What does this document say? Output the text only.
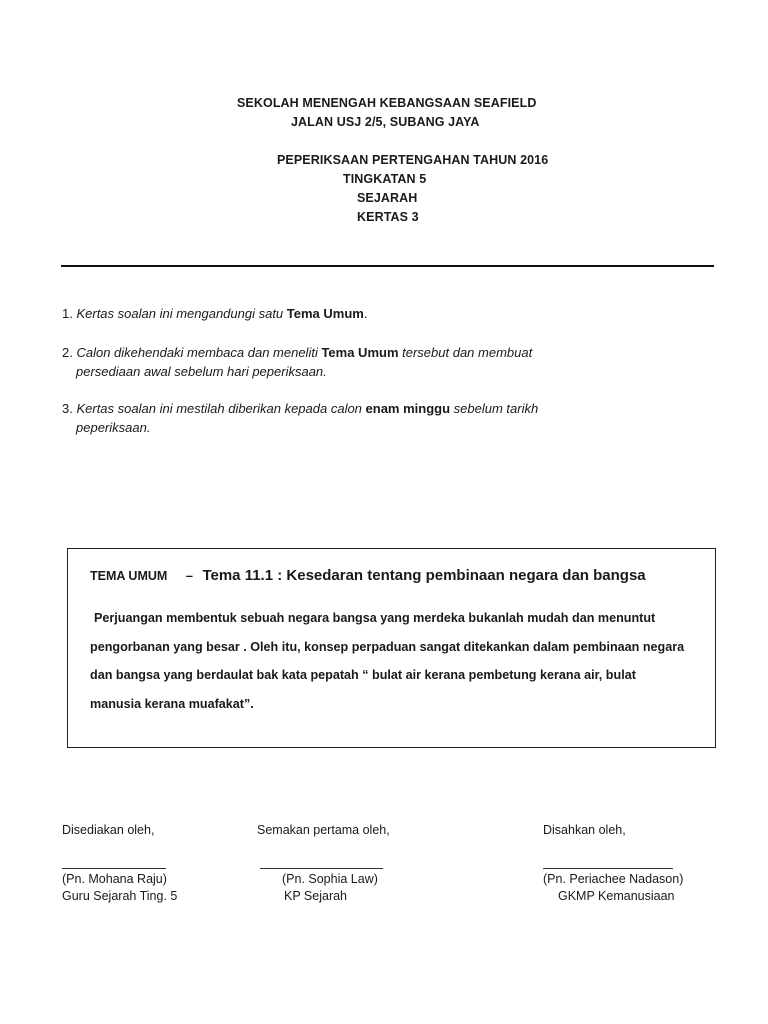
SEKOLAH MENENGAH KEBANGSAAN SEAFIELD
JALAN USJ 2/5, SUBANG JAYA
PEPERIKSAAN PERTENGAHAN TAHUN 2016
TINGKATAN 5
SEJARAH
KERTAS 3
1. Kertas soalan ini mengandungi satu Tema Umum.
2. Calon dikehendaki membaca dan meneliti Tema Umum tersebut dan membuat
persediaan awal sebelum hari peperiksaan.
3. Kertas soalan ini mestilah diberikan kepada calon enam minggu sebelum tarikh
peperiksaan.
TEMA UMUM – Tema 11.1 : Kesedaran tentang pembinaan negara dan bangsa
Perjuangan membentuk sebuah negara bangsa yang merdeka bukanlah mudah dan menuntut
pengorbanan yang besar . Oleh itu, konsep perpaduan sangat ditekankan dalam pembinaan negara
dan bangsa yang berdaulat bak kata pepatah “ bulat air kerana pembetung kerana air, bulat
manusia kerana muafakat”.
Disediakan oleh,
(Pn. Mohana Raju)
Guru Sejarah Ting. 5
Semakan pertama oleh,
(Pn. Sophia Law)
KP Sejarah
Disahkan oleh,
(Pn. Periachee Nadason)
GKMP Kemanusiaan
